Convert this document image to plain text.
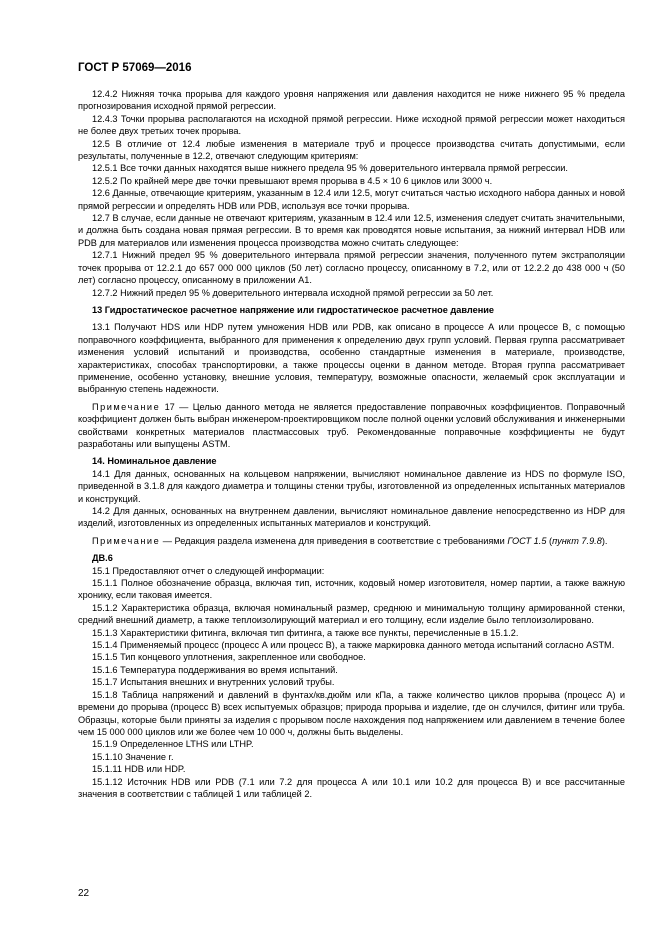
ГОСТ Р 57069—2016

12.4.2 Нижняя точка прорыва для каждого уровня напряжения или давления находится не ниже нижнего 95 % предела прогнозирования исходной прямой регрессии.

12.4.3 Точки прорыва располагаются на исходной прямой регрессии. Ниже исходной прямой регрессии может находиться не более двух третьих точек прорыва.

12.5 В отличие от 12.4 любые изменения в материале труб и процессе производства считать допустимыми, если результаты, полученные в 12.2, отвечают следующим критериям:

12.5.1 Все точки данных находятся выше нижнего предела 95 % доверительного интервала прямой регрессии.

12.5.2 По крайней мере две точки превышают время прорыва в 4.5 × 10 6 циклов или 3000 ч.

12.6 Данные, отвечающие критериям, указанным в 12.4 или 12.5, могут считаться частью исходного набора данных и новой прямой регрессии и определять HDB или PDB, используя все точки прорыва.

12.7 В случае, если данные не отвечают критериям, указанным в 12.4 или 12.5, изменения следует считать значительными, и должна быть создана новая прямая регрессии. В то время как проводятся новые испытания, за нижний интервал HDB или PDB для материалов или изменения процесса производства можно считать следующее:

12.7.1 Нижний предел 95 % доверительного интервала прямой регрессии значения, полученного путем экстраполяции точек прорыва от 12.2.1 до 657 000 000 циклов (50 лет) согласно процессу, описанному в 7.2, или от 12.2.2 до 438 000 ч (50 лет) согласно процессу, описанному в приложении А1.

12.7.2 Нижний предел 95 % доверительного интервала исходной прямой регрессии за 50 лет.

13 Гидростатическое расчетное напряжение или гидростатическое расчетное давление

13.1 Получают HDS или HDP путем умножения HDB или PDB, как описано в процессе А или процессе В, с помощью поправочного коэффициента, выбранного для применения к определению двух групп условий. Первая группа рассматривает изменения условий испытаний и производства, особенно стандартные изменения в материале, производстве, характеристиках, способах транспортировки, а также процессы оценки в данном методе. Вторая группа рассматривает применение, особенно установку, внешние условия, температуру, возможные опасности, желаемый срок эксплуатации и выбранную степень надежности.

Примечание 17 — Целью данного метода не является предоставление поправочных коэффициентов. Поправочный коэффициент должен быть выбран инженером-проектировщиком после полной оценки условий обслуживания и инженерными свойствами конкретных материалов пластмассовых труб. Рекомендованные поправочные коэффициенты не будут разработаны или выпущены ASTM.

14. Номинальное давление

14.1 Для данных, основанных на кольцевом напряжении, вычисляют номинальное давление из HDS по формуле ISO, приведенной в 3.1.8 для каждого диаметра и толщины стенки трубы, изготовленной из определенных испытанных материалов и конструкций.

14.2 Для данных, основанных на внутреннем давлении, вычисляют номинальное давление непосредственно из HDP для изделий, изготовленных из определенных испытанных материалов и конструкций.

Примечание — Редакция раздела изменена для приведения в соответствие с требованиями ГОСТ 1.5 (пункт 7.9.8).

ДВ.6

15.1 Предоставляют отчет о следующей информации:

15.1.1 Полное обозначение образца, включая тип, источник, кодовый номер изготовителя, номер партии, а также важную хронику, если таковая имеется.

15.1.2 Характеристика образца, включая номинальный размер, среднюю и минимальную толщину армированной стенки, средний внешний диаметр, а также теплоизолирующий материал и его толщину, если изделие было теплоизолировано.

15.1.3 Характеристики фитинга, включая тип фитинга, а также все пункты, перечисленные в 15.1.2.

15.1.4 Применяемый процесс (процесс А или процесс В), а также маркировка данного метода испытаний согласно ASTM.

15.1.5 Тип концевого уплотнения, закрепленное или свободное.

15.1.6 Температура поддерживания во время испытаний.

15.1.7 Испытания внешних и внутренних условий трубы.

15.1.8 Таблица напряжений и давлений в фунтах/кв.дюйм или кПа, а также количество циклов прорыва (процесс А) и времени до прорыва (процесс В) всех испытуемых образцов; природа прорыва и изделие, где он случился, фитинг или труба. Образцы, которые были приняты за изделия с прорывом после нахождения под напряжением или давлением в течение более чем 15 000 000 циклов или же более чем 10 000 ч, должны быть выделены.

15.1.9 Определенное LTHS или LTHP.

15.1.10 Значение r.

15.1.11 HDB или HDP.

15.1.12 Источник HDB или PDB (7.1 или 7.2 для процесса А или 10.1 или 10.2 для процесса В) и все рассчитанные значения в соответствии с таблицей 1 или таблицей 2.

22
